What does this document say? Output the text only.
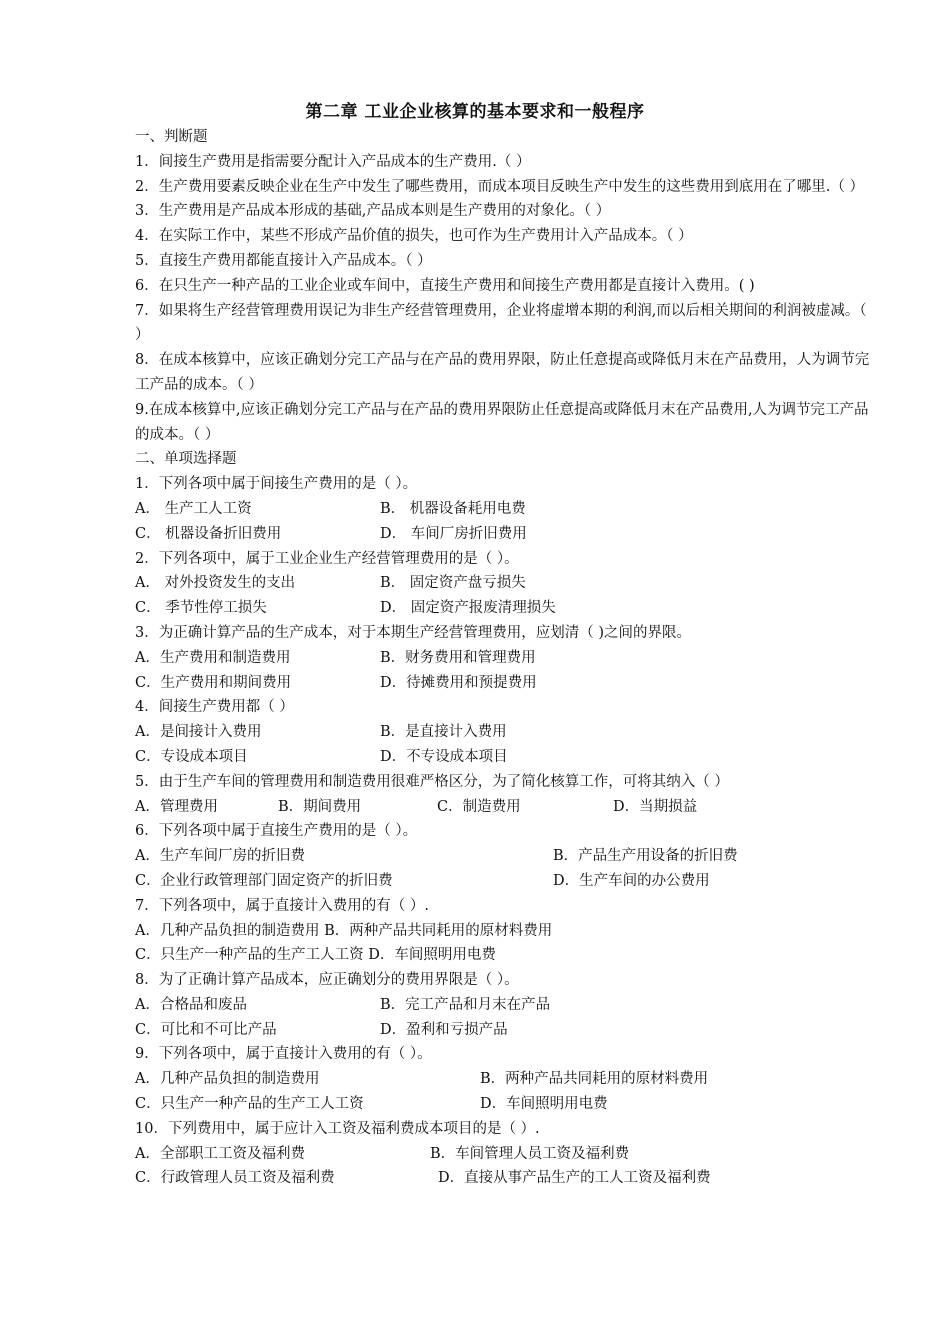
第二章 工业企业核算的基本要求和一般程序
一、判断题
1．间接生产费用是指需要分配计入产品成本的生产费用.（ ）
2．生产费用要素反映企业在生产中发生了哪些费用，而成本项目反映生产中发生的这些费用到底用在了哪里.（ ）
3．生产费用是产品成本形成的基础,产品成本则是生产费用的对象化。（ ）
4．在实际工作中，某些不形成产品价值的损失，也可作为生产费用计入产品成本。（ ）
5．直接生产费用都能直接计入产品成本。（ ）
6．在只生产一种产品的工业企业或车间中，直接生产费用和间接生产费用都是直接计入费用。( )
7．如果将生产经营管理费用误记为非生产经营管理费用，企业将虚增本期的利润,而以后相关期间的利润被虚减。（ ）
8．在成本核算中，应该正确划分完工产品与在产品的费用界限，防止任意提高或降低月末在产品费用，人为调节完工产品的成本。（ ）
9.在成本核算中,应该正确划分完工产品与在产品的费用界限防止任意提高或降低月末在产品费用,人为调节完工产品的成本。（ ）
二、单项选择题
1．下列各项中属于间接生产费用的是（ ）。
A． 生产工人工资	B． 机器设备耗用电费
C． 机器设备折旧费用	D． 车间厂房折旧费用
2．下列各项中，属于工业企业生产经营管理费用的是（ ）。
A． 对外投资发生的支出	B． 固定资产盘亏损失
C． 季节性停工损失	D． 固定资产报废清理损失
3．为正确计算产品的生产成本，对于本期生产经营管理费用，应划清（ )之间的界限。
A．生产费用和制造费用	B．财务费用和管理费用
C．生产费用和期间费用	D．待摊费用和预提费用
4．间接生产费用都（ ）
A．是间接计入费用	B．是直接计入费用
C．专设成本项目	D．不专设成本项目
5．由于生产车间的管理费用和制造费用很难严格区分，为了简化核算工作，可将其纳入（ ）
A．管理费用	B．期间费用	C．制造费用	D．当期损益
6．下列各项中属于直接生产费用的是（ ）。
A．生产车间厂房的折旧费	B．产品生产用设备的折旧费
C．企业行政管理部门固定资产的折旧费	D．生产车间的办公费用
7．下列各项中，属于直接计入费用的有（ ）.
A．几种产品负担的制造费用 B．两种产品共同耗用的原材料费用
C．只生产一种产品的生产工人工资 D．车间照明用电费
8．为了正确计算产品成本，应正确划分的费用界限是（ ）。
A．合格品和废品	B．完工产品和月末在产品
C．可比和不可比产品	D．盈利和亏损产品
9．下列各项中，属于直接计入费用的有（ ）。
A．几种产品负担的制造费用	B．两种产品共同耗用的原材料费用
C．只生产一种产品的生产工人工资	D．车间照明用电费
10．下列费用中，属于应计入工资及福利费成本项目的是（ ）.
A．全部职工工资及福利费	B．车间管理人员工资及福利费
C．行政管理人员工资及福利费	D．直接从事产品生产的工人工资及福利费
